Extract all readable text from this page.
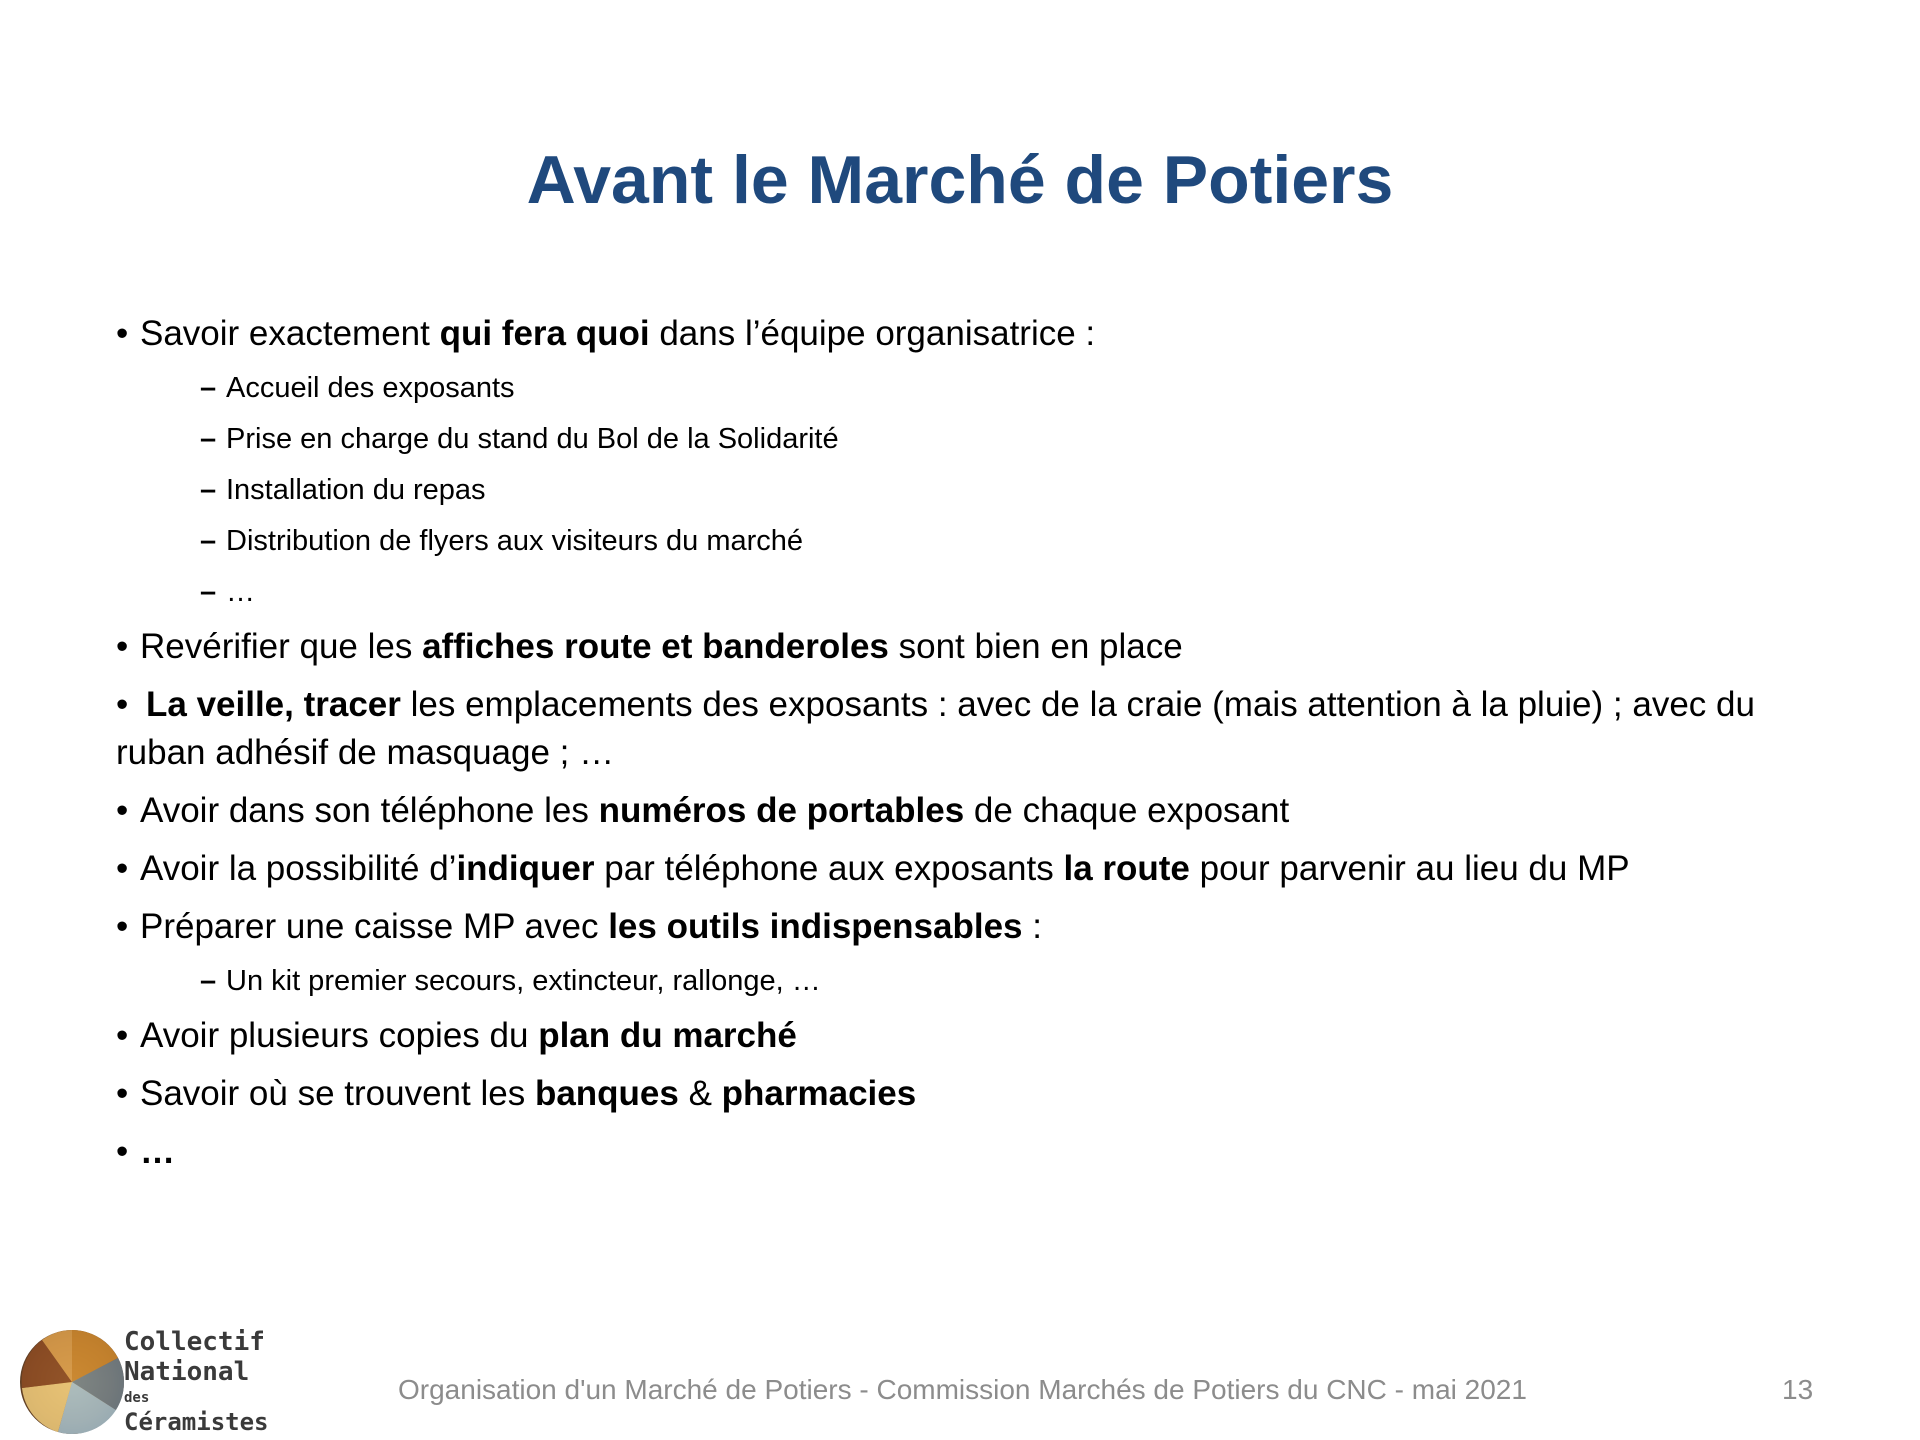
Avant le Marché de Potiers
• Savoir exactement qui fera quoi dans l’équipe organisatrice :
– Accueil des exposants
– Prise en charge du stand du Bol de la Solidarité
– Installation du repas
– Distribution de flyers aux visiteurs du marché
– …
• Revérifier que les affiches route et banderoles sont bien en place
• La veille, tracer les emplacements des exposants : avec de la craie (mais attention à la pluie) ; avec du ruban adhésif de masquage ; …
• Avoir dans son téléphone les numéros de portables de chaque exposant
• Avoir la possibilité d’indiquer par téléphone aux exposants la route pour parvenir au lieu du MP
• Préparer une caisse MP avec les outils indispensables :
– Un kit premier secours, extincteur, rallonge, …
• Avoir plusieurs copies du plan du marché
• Savoir où se trouvent les banques & pharmacies
• …
Collectif
National
des
Céramistes
Organisation d'un Marché de Potiers - Commission Marchés de Potiers du CNC - mai 2021	13
